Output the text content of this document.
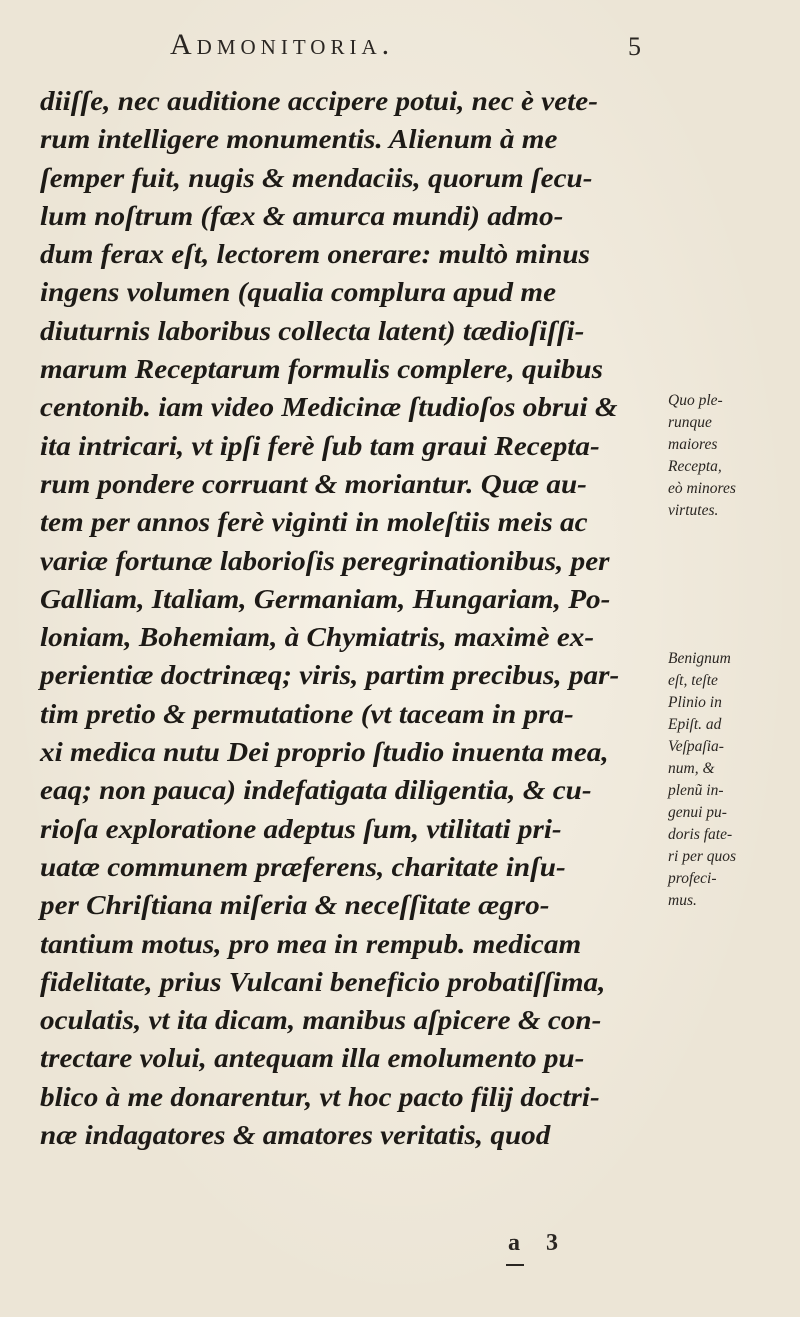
Admonitoria.	5
diiſſe, nec auditione accipere potui, nec è vete-
rum intelligere monumentis. Alienum à me
ſemper fuit, nugis & mendaciis, quorum ſecu-
lum noſtrum (fæx & amurca mundi) admo-
dum ferax eſt, lectorem onerare: multò minus
ingens volumen (qualia complura apud me
diuturnis laboribus collecta latent) tædioſiſſi-
marum Receptarum formulis complere, quibus
centonib. iam video Medicinæ ſtudioſos obrui &
ita intricari, vt ipſi ferè ſub tam graui Recepta-
rum pondere corruant & moriantur. Quæ au-
tem per annos ferè viginti in moleſtiis meis ac
variæ fortunæ laborioſis peregrinationibus, per
Galliam, Italiam, Germaniam, Hungariam, Po-
loniam, Bohemiam, à Chymiatris, maximè ex-
perientiæ doctrinæq; viris, partim precibus, par-
tim pretio & permutatione (vt taceam in pra-
xi medica nutu Dei proprio ſtudio inuenta mea,
eaq; non pauca) indefatigata diligentia, & cu-
rioſa exploratione adeptus ſum, vtilitati pri-
uatæ communem præferens, charitate inſu-
per Chriſtiana miſeria & neceſſitate ægro-
tantium motus, pro mea in rempub. medicam
fidelitate, prius Vulcani beneficio probatiſſima,
oculatis, vt ita dicam, manibus aſpicere & con-
trectare volui, antequam illa emolumento pu-
blico à me donarentur, vt hoc pacto filij doctri-
næ indagatores & amatores veritatis, quod
Quo ple-
runque
maiores
Recepta,
eò minores
virtutes.
Benignum
eſt, teſte
Plinio in
Epiſt. ad
Veſpaſia-
num, &
plenũ in-
genui pu-
doris fate-
ri per quos
profeci-
mus.
a 3
